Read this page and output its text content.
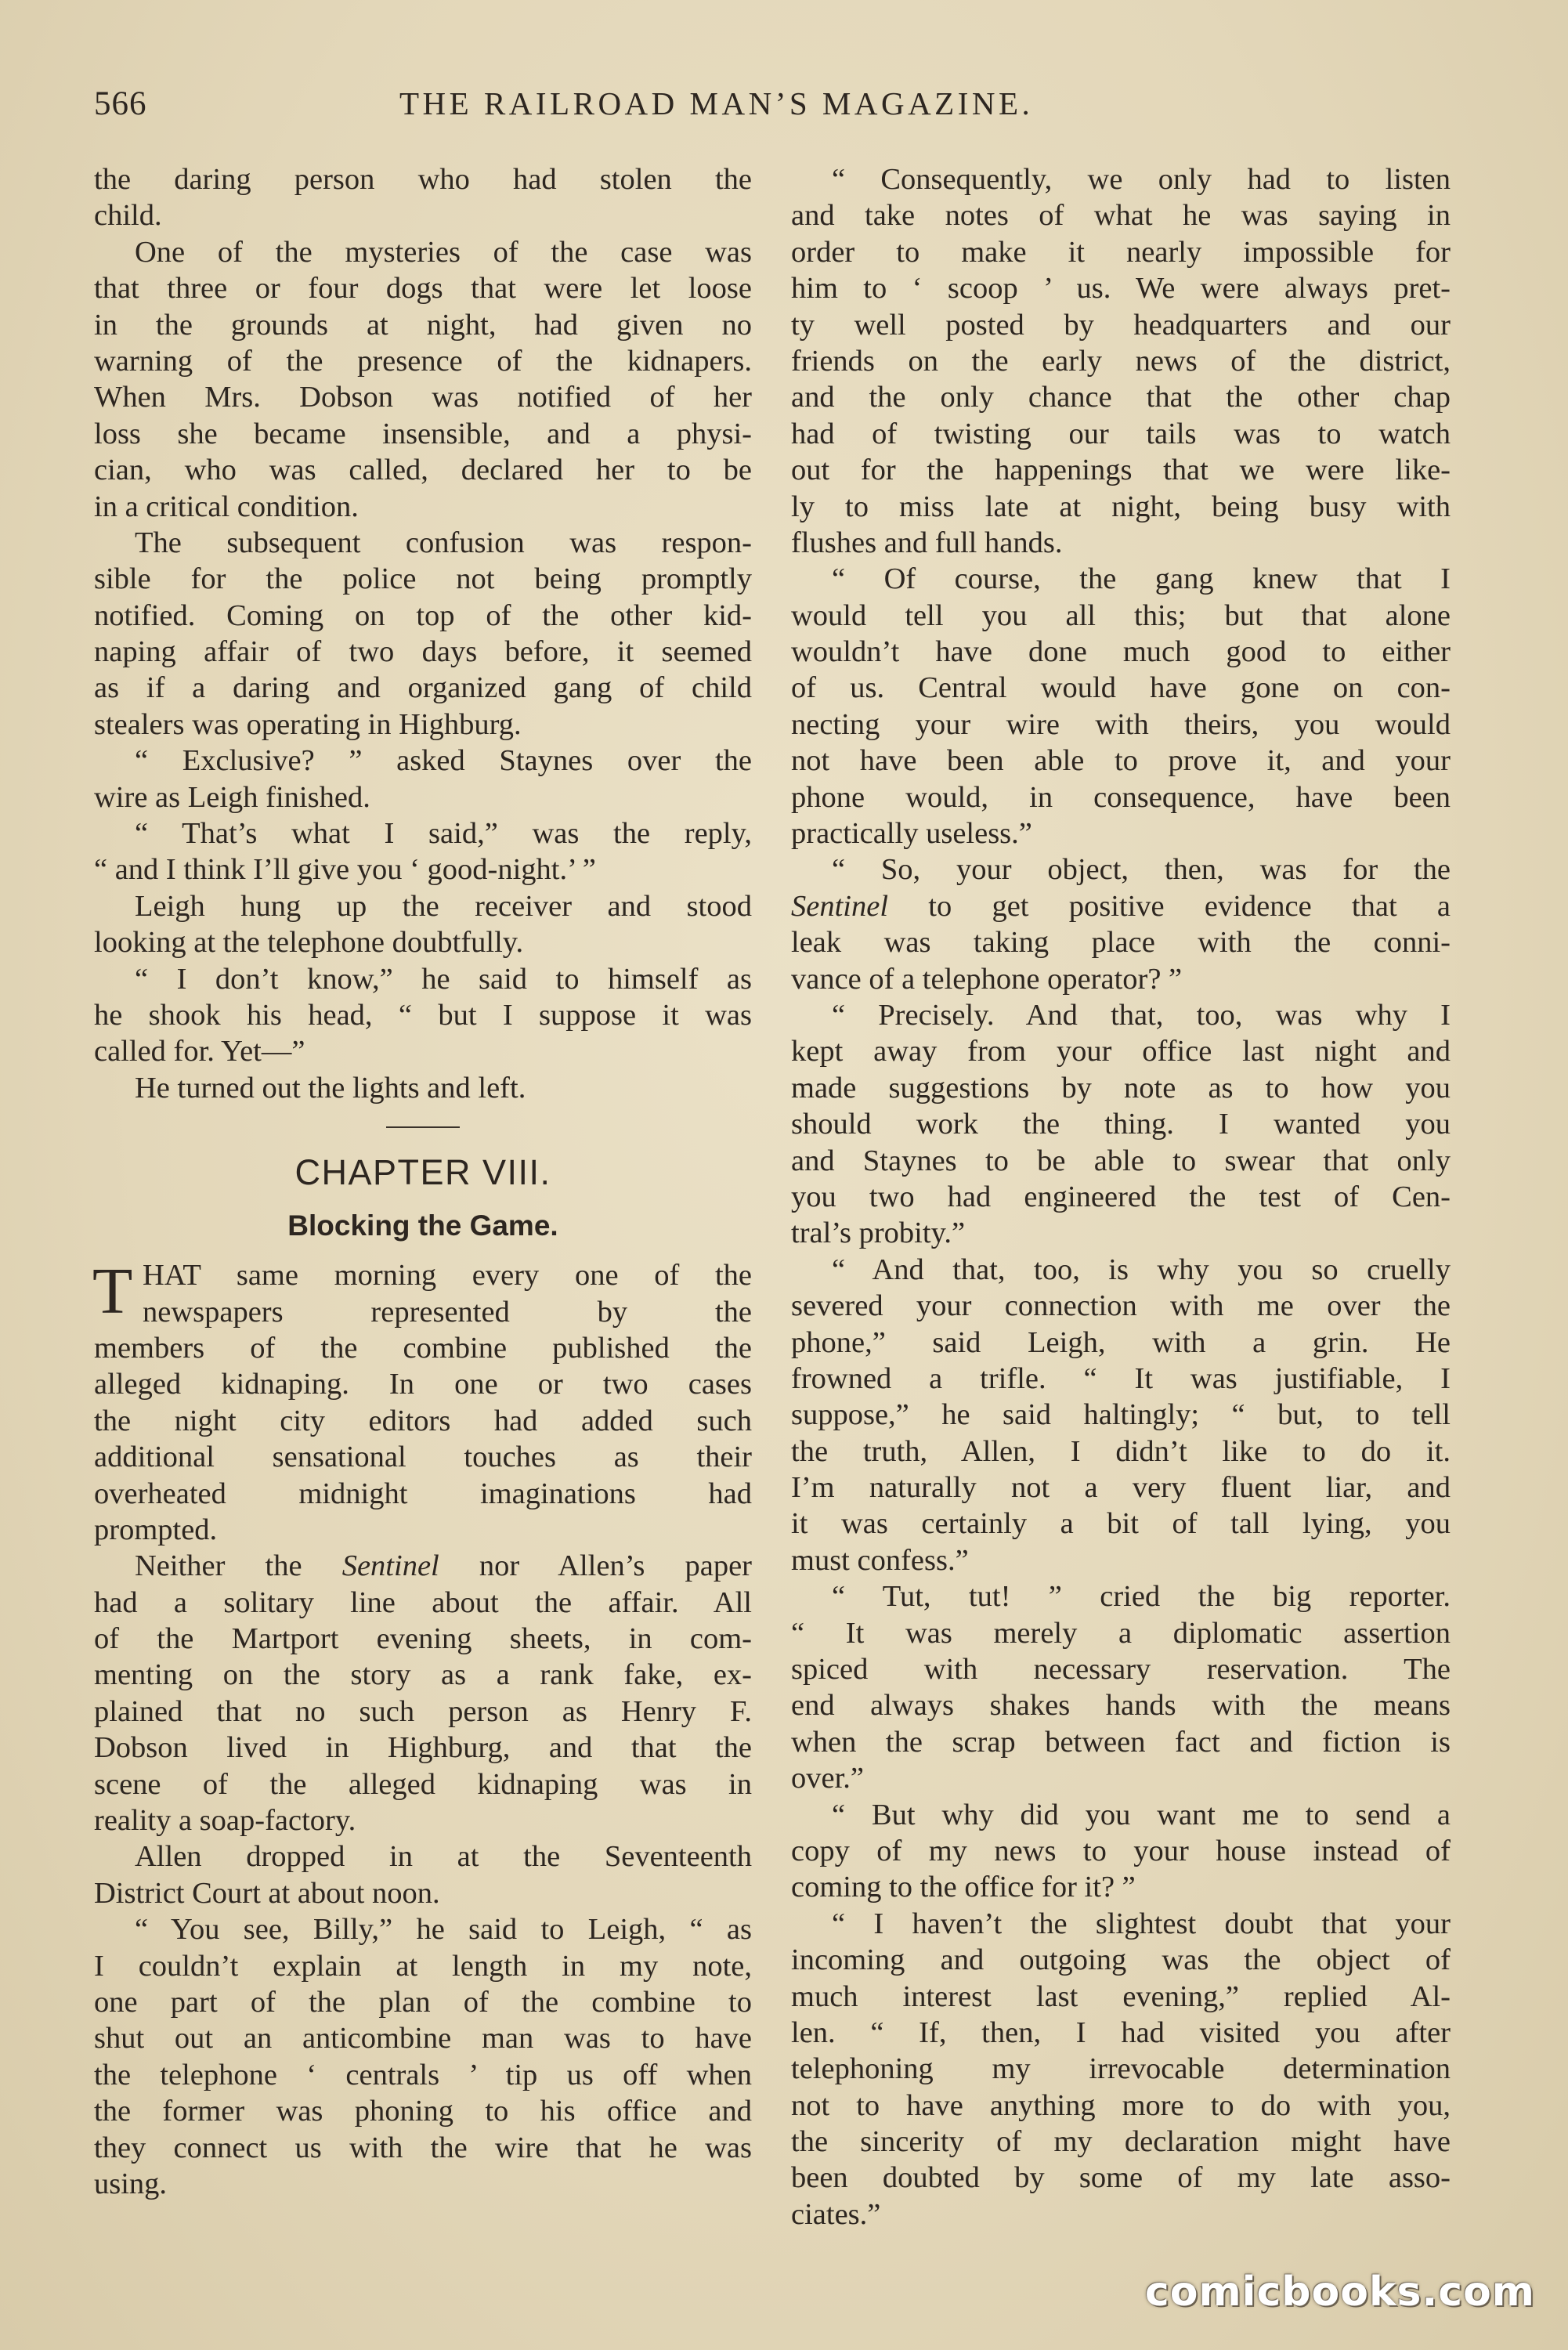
566	THE RAILROAD MAN’S MAGAZINE.
the daring person who had stolen the
child.
One of the mysteries of the case was
that three or four dogs that were let loose
in the grounds at night, had given no
warning of the presence of the kidnapers.
When Mrs. Dobson was notified of her
loss she became insensible, and a physi-
cian, who was called, declared her to be
in a critical condition.
The subsequent confusion was respon-
sible for the police not being promptly
notified. Coming on top of the other kid-
naping affair of two days before, it seemed
as if a daring and organized gang of child
stealers was operating in Highburg.
“ Exclusive? ” asked Staynes over the
wire as Leigh finished.
“ That’s what I said,” was the reply,
“ and I think I’ll give you ‘ good-night.’ ”
Leigh hung up the receiver and stood
looking at the telephone doubtfully.
“ I don’t know,” he said to himself as
he shook his head, “ but I suppose it was
called for. Yet—”
He turned out the lights and left.
CHAPTER VIII.
Blocking the Game.
T HAT same morning every one of the
newspapers represented by the
members of the combine published the
alleged kidnaping. In one or two cases
the night city editors had added such
additional sensational touches as their
overheated midnight imaginations had
prompted.
Neither the Sentinel nor Allen’s paper
had a solitary line about the affair. All
of the Martport evening sheets, in com-
menting on the story as a rank fake, ex-
plained that no such person as Henry F.
Dobson lived in Highburg, and that the
scene of the alleged kidnaping was in
reality a soap-factory.
Allen dropped in at the Seventeenth
District Court at about noon.
“ You see, Billy,” he said to Leigh, “ as
I couldn’t explain at length in my note,
one part of the plan of the combine to
shut out an anticombine man was to have
the telephone ‘ centrals ’ tip us off when
the former was phoning to his office and
they connect us with the wire that he was
using.
“ Consequently, we only had to listen
and take notes of what he was saying in
order to make it nearly impossible for
him to ‘ scoop ’ us. We were always pret-
ty well posted by headquarters and our
friends on the early news of the district,
and the only chance that the other chap
had of twisting our tails was to watch
out for the happenings that we were like-
ly to miss late at night, being busy with
flushes and full hands.
“ Of course, the gang knew that I
would tell you all this; but that alone
wouldn’t have done much good to either
of us. Central would have gone on con-
necting your wire with theirs, you would
not have been able to prove it, and your
phone would, in consequence, have been
practically useless.”
“ So, your object, then, was for the
Sentinel to get positive evidence that a
leak was taking place with the conni-
vance of a telephone operator? ”
“ Precisely. And that, too, was why I
kept away from your office last night and
made suggestions by note as to how you
should work the thing. I wanted you
and Staynes to be able to swear that only
you two had engineered the test of Cen-
tral’s probity.”
“ And that, too, is why you so cruelly
severed your connection with me over the
phone,” said Leigh, with a grin. He
frowned a trifle. “ It was justifiable, I
suppose,” he said haltingly; “ but, to tell
the truth, Allen, I didn’t like to do it.
I’m naturally not a very fluent liar, and
it was certainly a bit of tall lying, you
must confess.”
“ Tut, tut! ” cried the big reporter.
“ It was merely a diplomatic assertion
spiced with necessary reservation. The
end always shakes hands with the means
when the scrap between fact and fiction is
over.”
“ But why did you want me to send a
copy of my news to your house instead of
coming to the office for it? ”
“ I haven’t the slightest doubt that your
incoming and outgoing was the object of
much interest last evening,” replied Al-
len. “ If, then, I had visited you after
telephoning my irrevocable determination
not to have anything more to do with you,
the sincerity of my declaration might have
been doubted by some of my late asso-
ciates.”
comicbooks.com
